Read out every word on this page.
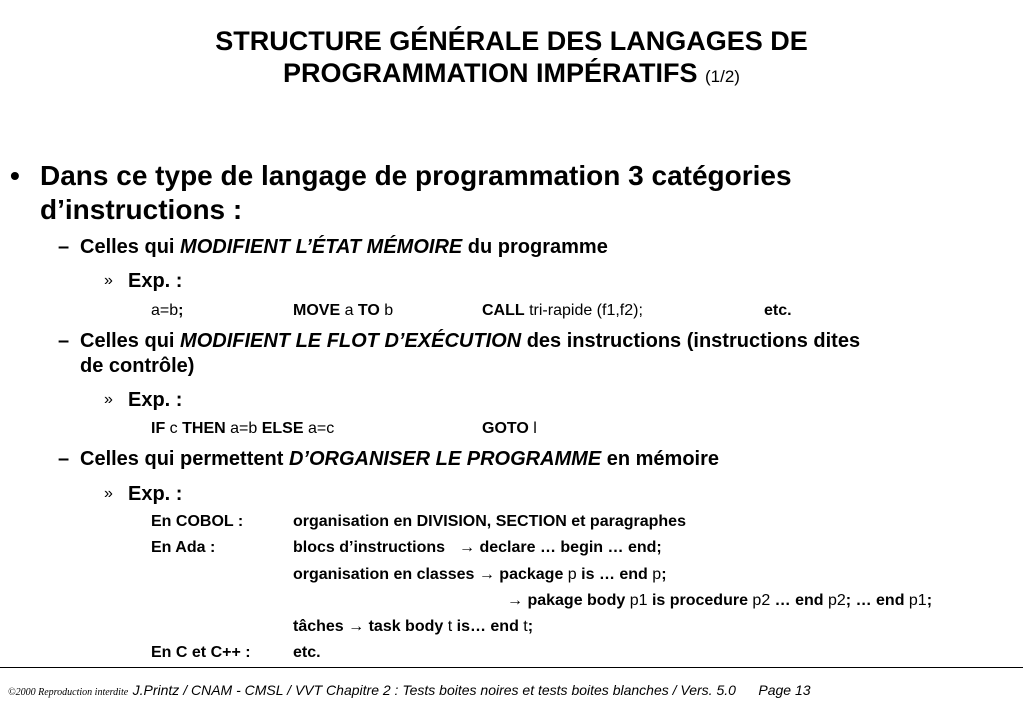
STRUCTURE GÉNÉRALE DES LANGAGES DE
PROGRAMMATION IMPÉRATIFS (1/2)
• Dans ce type de langage de programmation 3 catégories
d’instructions :
– Celles qui MODIFIENT L’ÉTAT MÉMOIRE du programme
» Exp. :
a=b;	MOVE a TO b	CALL tri-rapide (f1,f2);	etc.
– Celles qui MODIFIENT LE FLOT D’EXÉCUTION des instructions (instructions dites
de contrôle)
» Exp. :
IF c THEN a=b ELSE a=c	GOTO l
– Celles qui permettent D’ORGANISER LE PROGRAMME en mémoire
» Exp. :
En COBOL :	organisation en DIVISION, SECTION et paragraphes
En Ada :	blocs d’instructions → declare … begin … end;
organisation en classes → package p is … end p;
→ pakage body p1 is procedure p2 … end p2; … end p1;
tâches → task body t is… end t;
En C et C++ :	etc.
©2000 Reproduction interdite J.Printz / CNAM - CMSL / VVT Chapitre 2 : Tests boites noires et tests boites blanches / Vers. 5.0 Page 13
